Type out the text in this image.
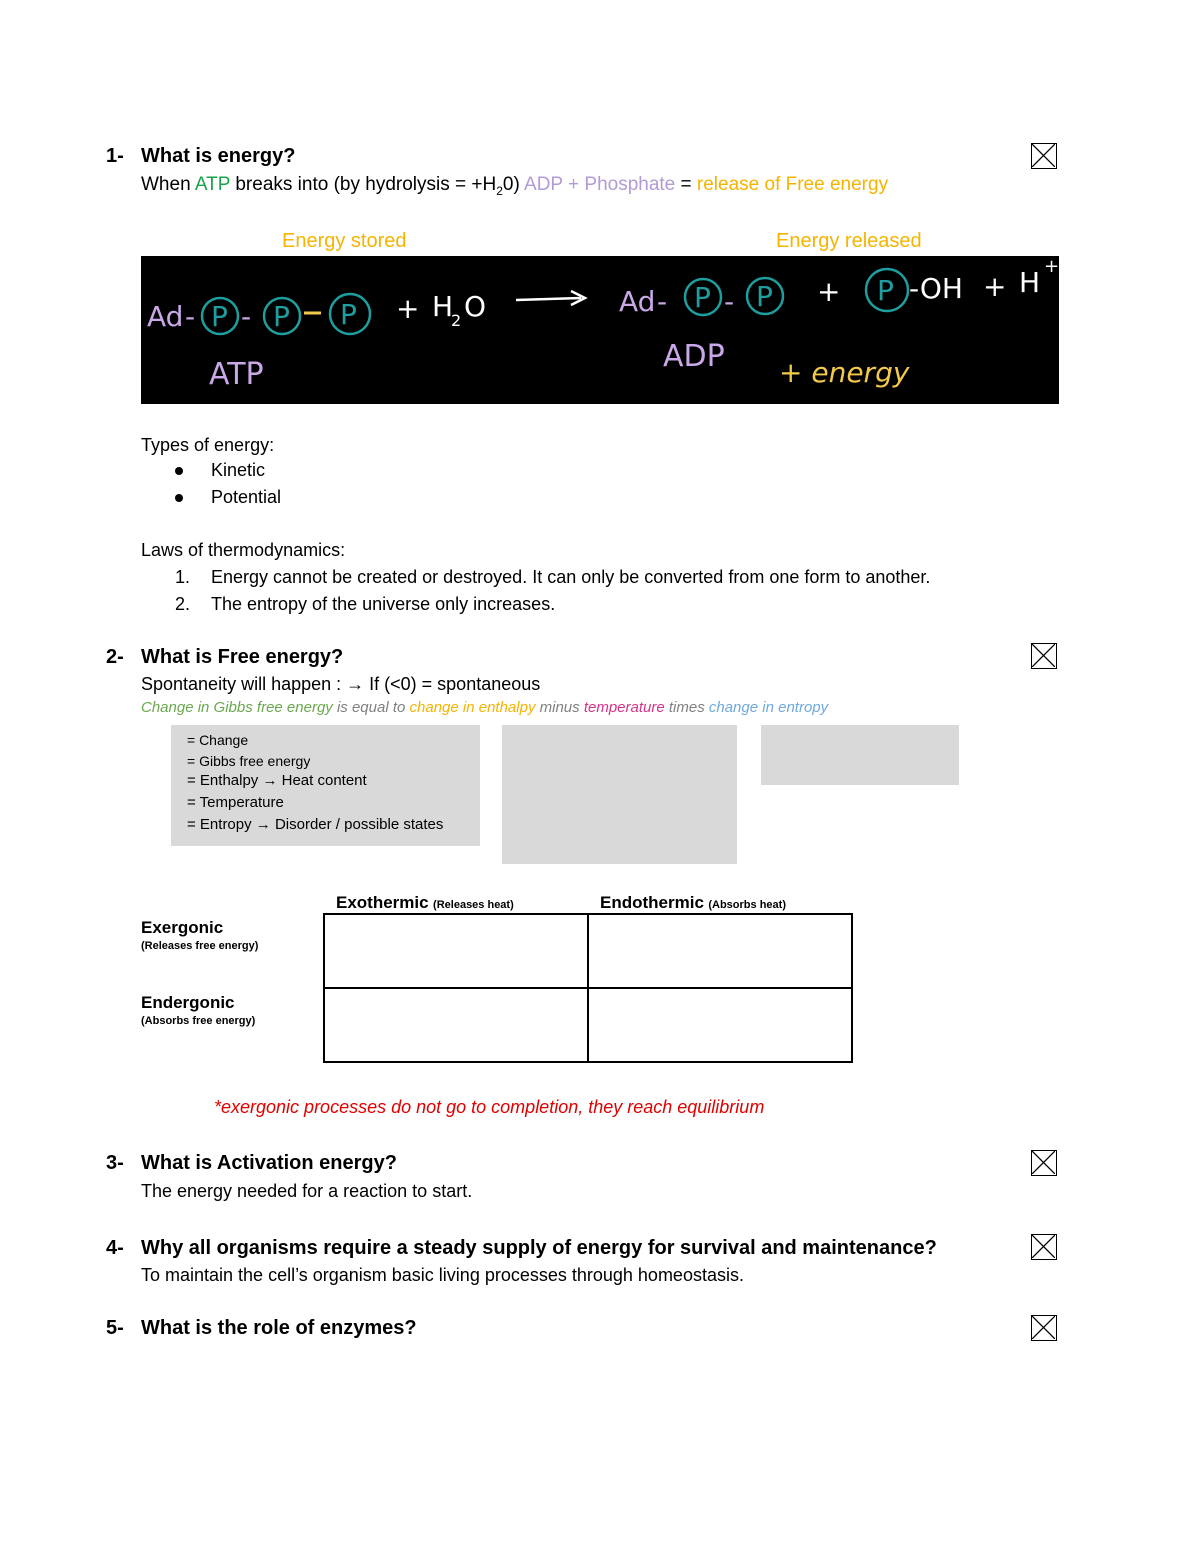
1- What is energy?
When ATP breaks into (by hydrolysis = $+H_20$) ADP + Phosphate = release of Free energy
Energy stored	Energy released
Ad - P - P P + H
2 O	Ad - P - P + P -OH + H +
ATP
ADP + energy
Types of energy:
Kinetic
Potential
Laws of thermodynamics:
1. Energy cannot be created or destroyed. It can only be converted from one form to another.
2. The entropy of the universe only increases.
2- What is Free energy?
Spontaneity will happen : → If (<0) = spontaneous
Change in Gibbs free energy is equal to change in enthalpy minus temperature times change in entropy
= Change
= Gibbs free energy
= Enthalpy → Heat content
= Temperature
= Entropy → Disorder / possible states
Exothermic (Releases heat)	Endothermic (Absorbs heat)
Exergonic
(Releases free energy)
Endergonic
(Absorbs free energy)

*exergonic processes do not go to completion, they reach equilibrium
3- What is Activation energy?
The energy needed for a reaction to start.
4- Why all organisms require a steady supply of energy for survival and maintenance?
To maintain the cell’s organism basic living processes through homeostasis.
5- What is the role of enzymes?
